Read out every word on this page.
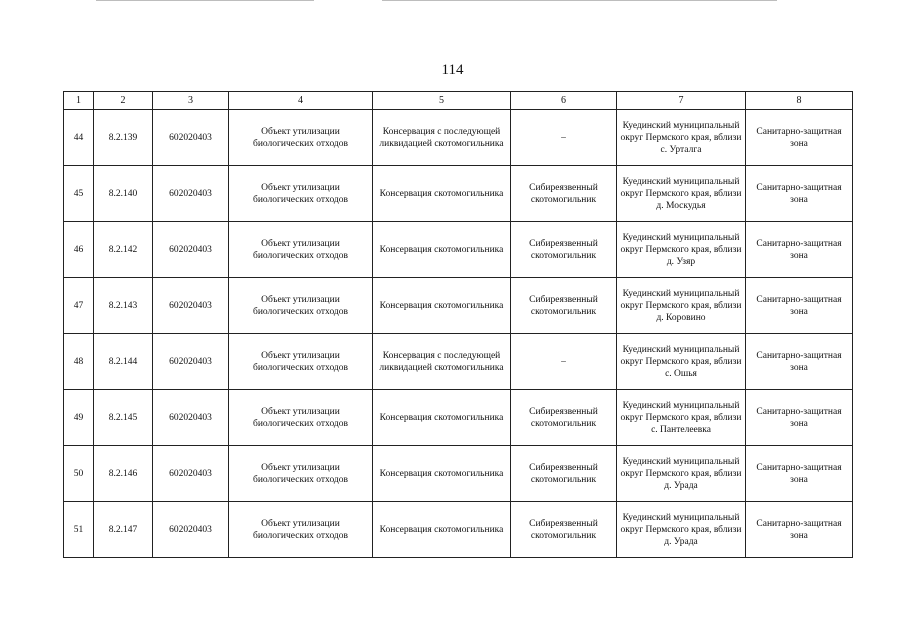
114
1	2	3	4	5	6	7	8
44	8.2.139	602020403	Объект утилизации биологических отходов	Консервация с последующей ликвидацией скотомогильника	–	Куединский муниципальный округ Пермского края, вблизи с. Урталга	Санитарно-защитная зона
45	8.2.140	602020403	Объект утилизации биологических отходов	Консервация скотомогильника	Сибиреязвенный скотомогильник	Куединский муниципальный округ Пермского края, вблизи д. Москудья	Санитарно-защитная зона
46	8.2.142	602020403	Объект утилизации биологических отходов	Консервация скотомогильника	Сибиреязвенный скотомогильник	Куединский муниципальный округ Пермского края, вблизи д. Узяр	Санитарно-защитная зона
47	8.2.143	602020403	Объект утилизации биологических отходов	Консервация скотомогильника	Сибиреязвенный скотомогильник	Куединский муниципальный округ Пермского края, вблизи д. Коровино	Санитарно-защитная зона
48	8.2.144	602020403	Объект утилизации биологических отходов	Консервация с последующей ликвидацией скотомогильника	–	Куединский муниципальный округ Пермского края, вблизи с. Ошья	Санитарно-защитная зона
49	8.2.145	602020403	Объект утилизации биологических отходов	Консервация скотомогильника	Сибиреязвенный скотомогильник	Куединский муниципальный округ Пермского края, вблизи с. Пантелеевка	Санитарно-защитная зона
50	8.2.146	602020403	Объект утилизации биологических отходов	Консервация скотомогильника	Сибиреязвенный скотомогильник	Куединский муниципальный округ Пермского края, вблизи д. Урада	Санитарно-защитная зона
51	8.2.147	602020403	Объект утилизации биологических отходов	Консервация скотомогильника	Сибиреязвенный скотомогильник	Куединский муниципальный округ Пермского края, вблизи д. Урада	Санитарно-защитная зона
